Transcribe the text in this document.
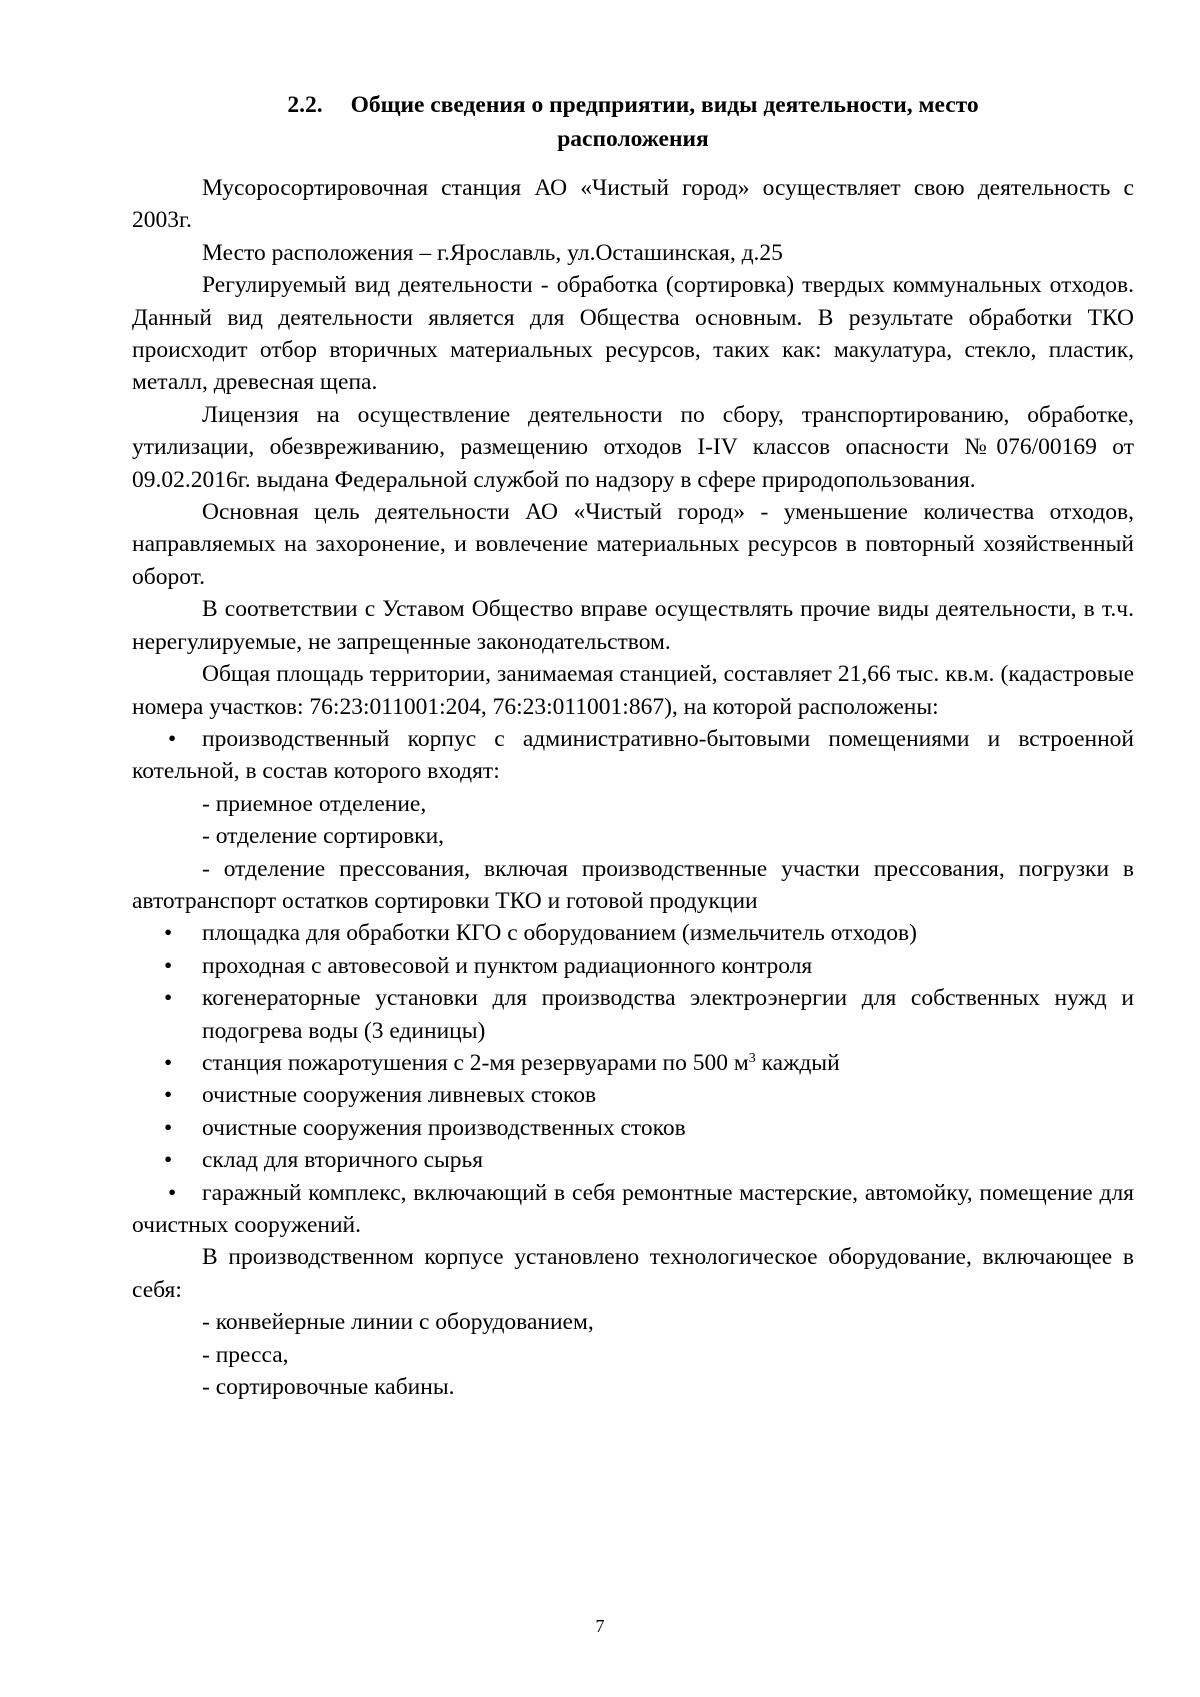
2.2. Общие сведения о предприятии, виды деятельности, место
расположения

Мусоросортировочная станция АО «Чистый город» осуществляет свою деятельность с 2003г.

Место расположения – г.Ярославль, ул.Осташинская, д.25

Регулируемый вид деятельности - обработка (сортировка) твердых коммунальных отходов. Данный вид деятельности является для Общества основным. В результате обработки ТКО происходит отбор вторичных материальных ресурсов, таких как: макулатура, стекло, пластик, металл, древесная щепа.

Лицензия на осуществление деятельности по сбору, транспортированию, обработке, утилизации, обезвреживанию, размещению отходов I-IV классов опасности №076/00169 от 09.02.2016г. выдана Федеральной службой по надзору в сфере природопользования.

Основная цель деятельности АО «Чистый город» - уменьшение количества отходов, направляемых на захоронение, и вовлечение материальных ресурсов в повторный хозяйственный оборот.

В соответствии с Уставом Общество вправе осуществлять прочие виды деятельности, в т.ч. нерегулируемые, не запрещенные законодательством.

Общая площадь территории, занимаемая станцией, составляет 21,66 тыс. кв.м. (кадастровые номера участков: 76:23:011001:204, 76:23:011001:867), на которой расположены:

• производственный корпус с административно-бытовыми помещениями и встроенной котельной, в состав которого входят:

- приемное отделение,

- отделение сортировки,

- отделение прессования, включая производственные участки прессования, погрузки в автотранспорт остатков сортировки ТКО и готовой продукции

• площадка для обработки КГО с оборудованием (измельчитель отходов)

• проходная с автовесовой и пунктом радиационного контроля

• когенераторные установки для производства электроэнергии для собственных нужд и подогрева воды (3 единицы)

• станция пожаротушения с 2-мя резервуарами по 500 $м^3$ каждый

• очистные сооружения ливневых стоков

• очистные сооружения производственных стоков

• склад для вторичного сырья

• гаражный комплекс, включающий в себя ремонтные мастерские, автомойку, помещение для очистных сооружений.

В производственном корпусе установлено технологическое оборудование, включающее в себя:

- конвейерные линии с оборудованием,

- пресса,

- сортировочные кабины.

7
